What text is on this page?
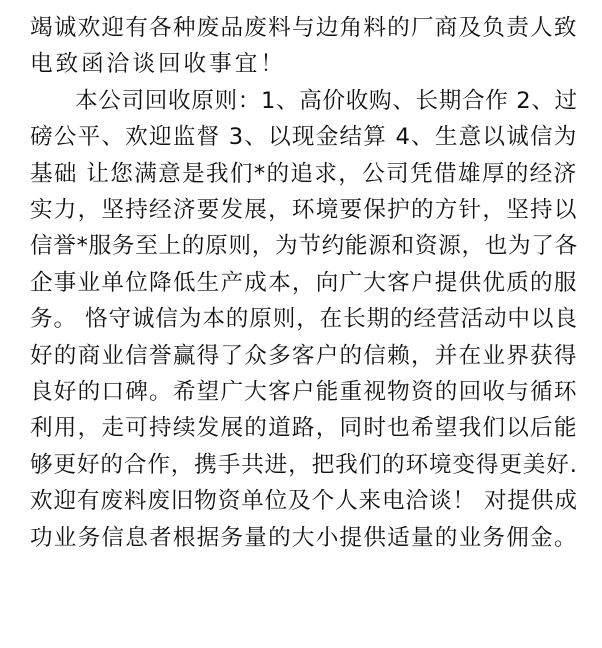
竭诚欢迎有各种废品废料与边角料的厂商及负责人致
电致函洽谈回收事宜！

本公司回收原则：1、高价收购、长期合作 2、过
磅公平、欢迎监督 3、以现金结算 4、生意以诚信为
基础 让您满意是我们*的追求，公司凭借雄厚的经济
实力，坚持经济要发展，环境要保护的方针，坚持以
信誉*服务至上的原则，为节约能源和资源，也为了各
企事业单位降低生产成本，向广大客户提供优质的服
务。 恪守诚信为本的原则，在长期的经营活动中以良
好的商业信誉赢得了众多客户的信赖，并在业界获得
良好的口碑。希望广大客户能重视物资的回收与循环
利用，走可持续发展的道路，同时也希望我们以后能
够更好的合作，携手共进，把我们的环境变得更美好.
欢迎有废料废旧物资单位及个人来电洽谈！ 对提供成
功业务信息者根据务量的大小提供适量的业务佣金。
